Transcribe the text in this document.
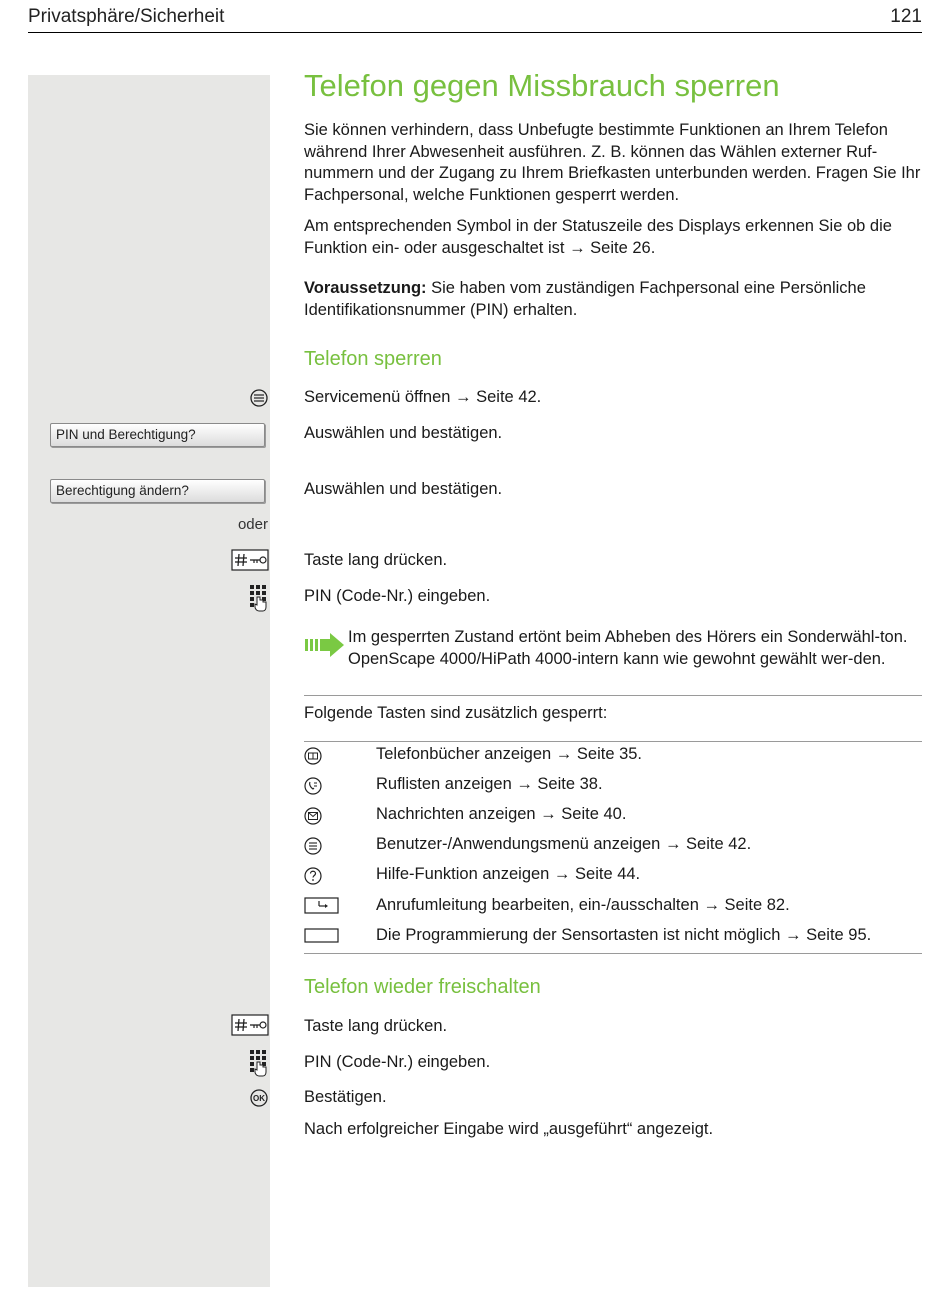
Privatsphäre/Sicherheit	121
Telefon gegen Missbrauch sperren
Sie können verhindern, dass Unbefugte bestimmte Funktionen an Ihrem Telefon während Ihrer Abwesenheit ausführen. Z. B. können das Wählen externer Ruf-nummern und der Zugang zu Ihrem Briefkasten unterbunden werden. Fragen Sie Ihr Fachpersonal, welche Funktionen gesperrt werden.
Am entsprechenden Symbol in der Statuszeile des Displays erkennen Sie ob die Funktion ein- oder ausgeschaltet ist → Seite 26.
Voraussetzung: Sie haben vom zuständigen Fachpersonal eine Persönliche Identifikationsnummer (PIN) erhalten.
Telefon sperren
Servicemenü öffnen → Seite 42.
PIN und Berechtigung?	Auswählen und bestätigen.
Berechtigung ändern?	Auswählen und bestätigen.
oder
Taste lang drücken.
PIN (Code-Nr.) eingeben.
Im gesperrten Zustand ertönt beim Abheben des Hörers ein Sonderwähl-ton. OpenScape 4000/HiPath 4000-intern kann wie gewohnt gewählt wer-den.
Folgende Tasten sind zusätzlich gesperrt:
Telefonbücher anzeigen → Seite 35.
Ruflisten anzeigen → Seite 38.
Nachrichten anzeigen → Seite 40.
Benutzer-/Anwendungsmenü anzeigen → Seite 42.
Hilfe-Funktion anzeigen → Seite 44.
Anrufumleitung bearbeiten, ein-/ausschalten → Seite 82.
Die Programmierung der Sensortasten ist nicht möglich → Seite 95.
Telefon wieder freischalten
Taste lang drücken.
PIN (Code-Nr.) eingeben.
OK Bestätigen.
Nach erfolgreicher Eingabe wird „ausgeführt“ angezeigt.
